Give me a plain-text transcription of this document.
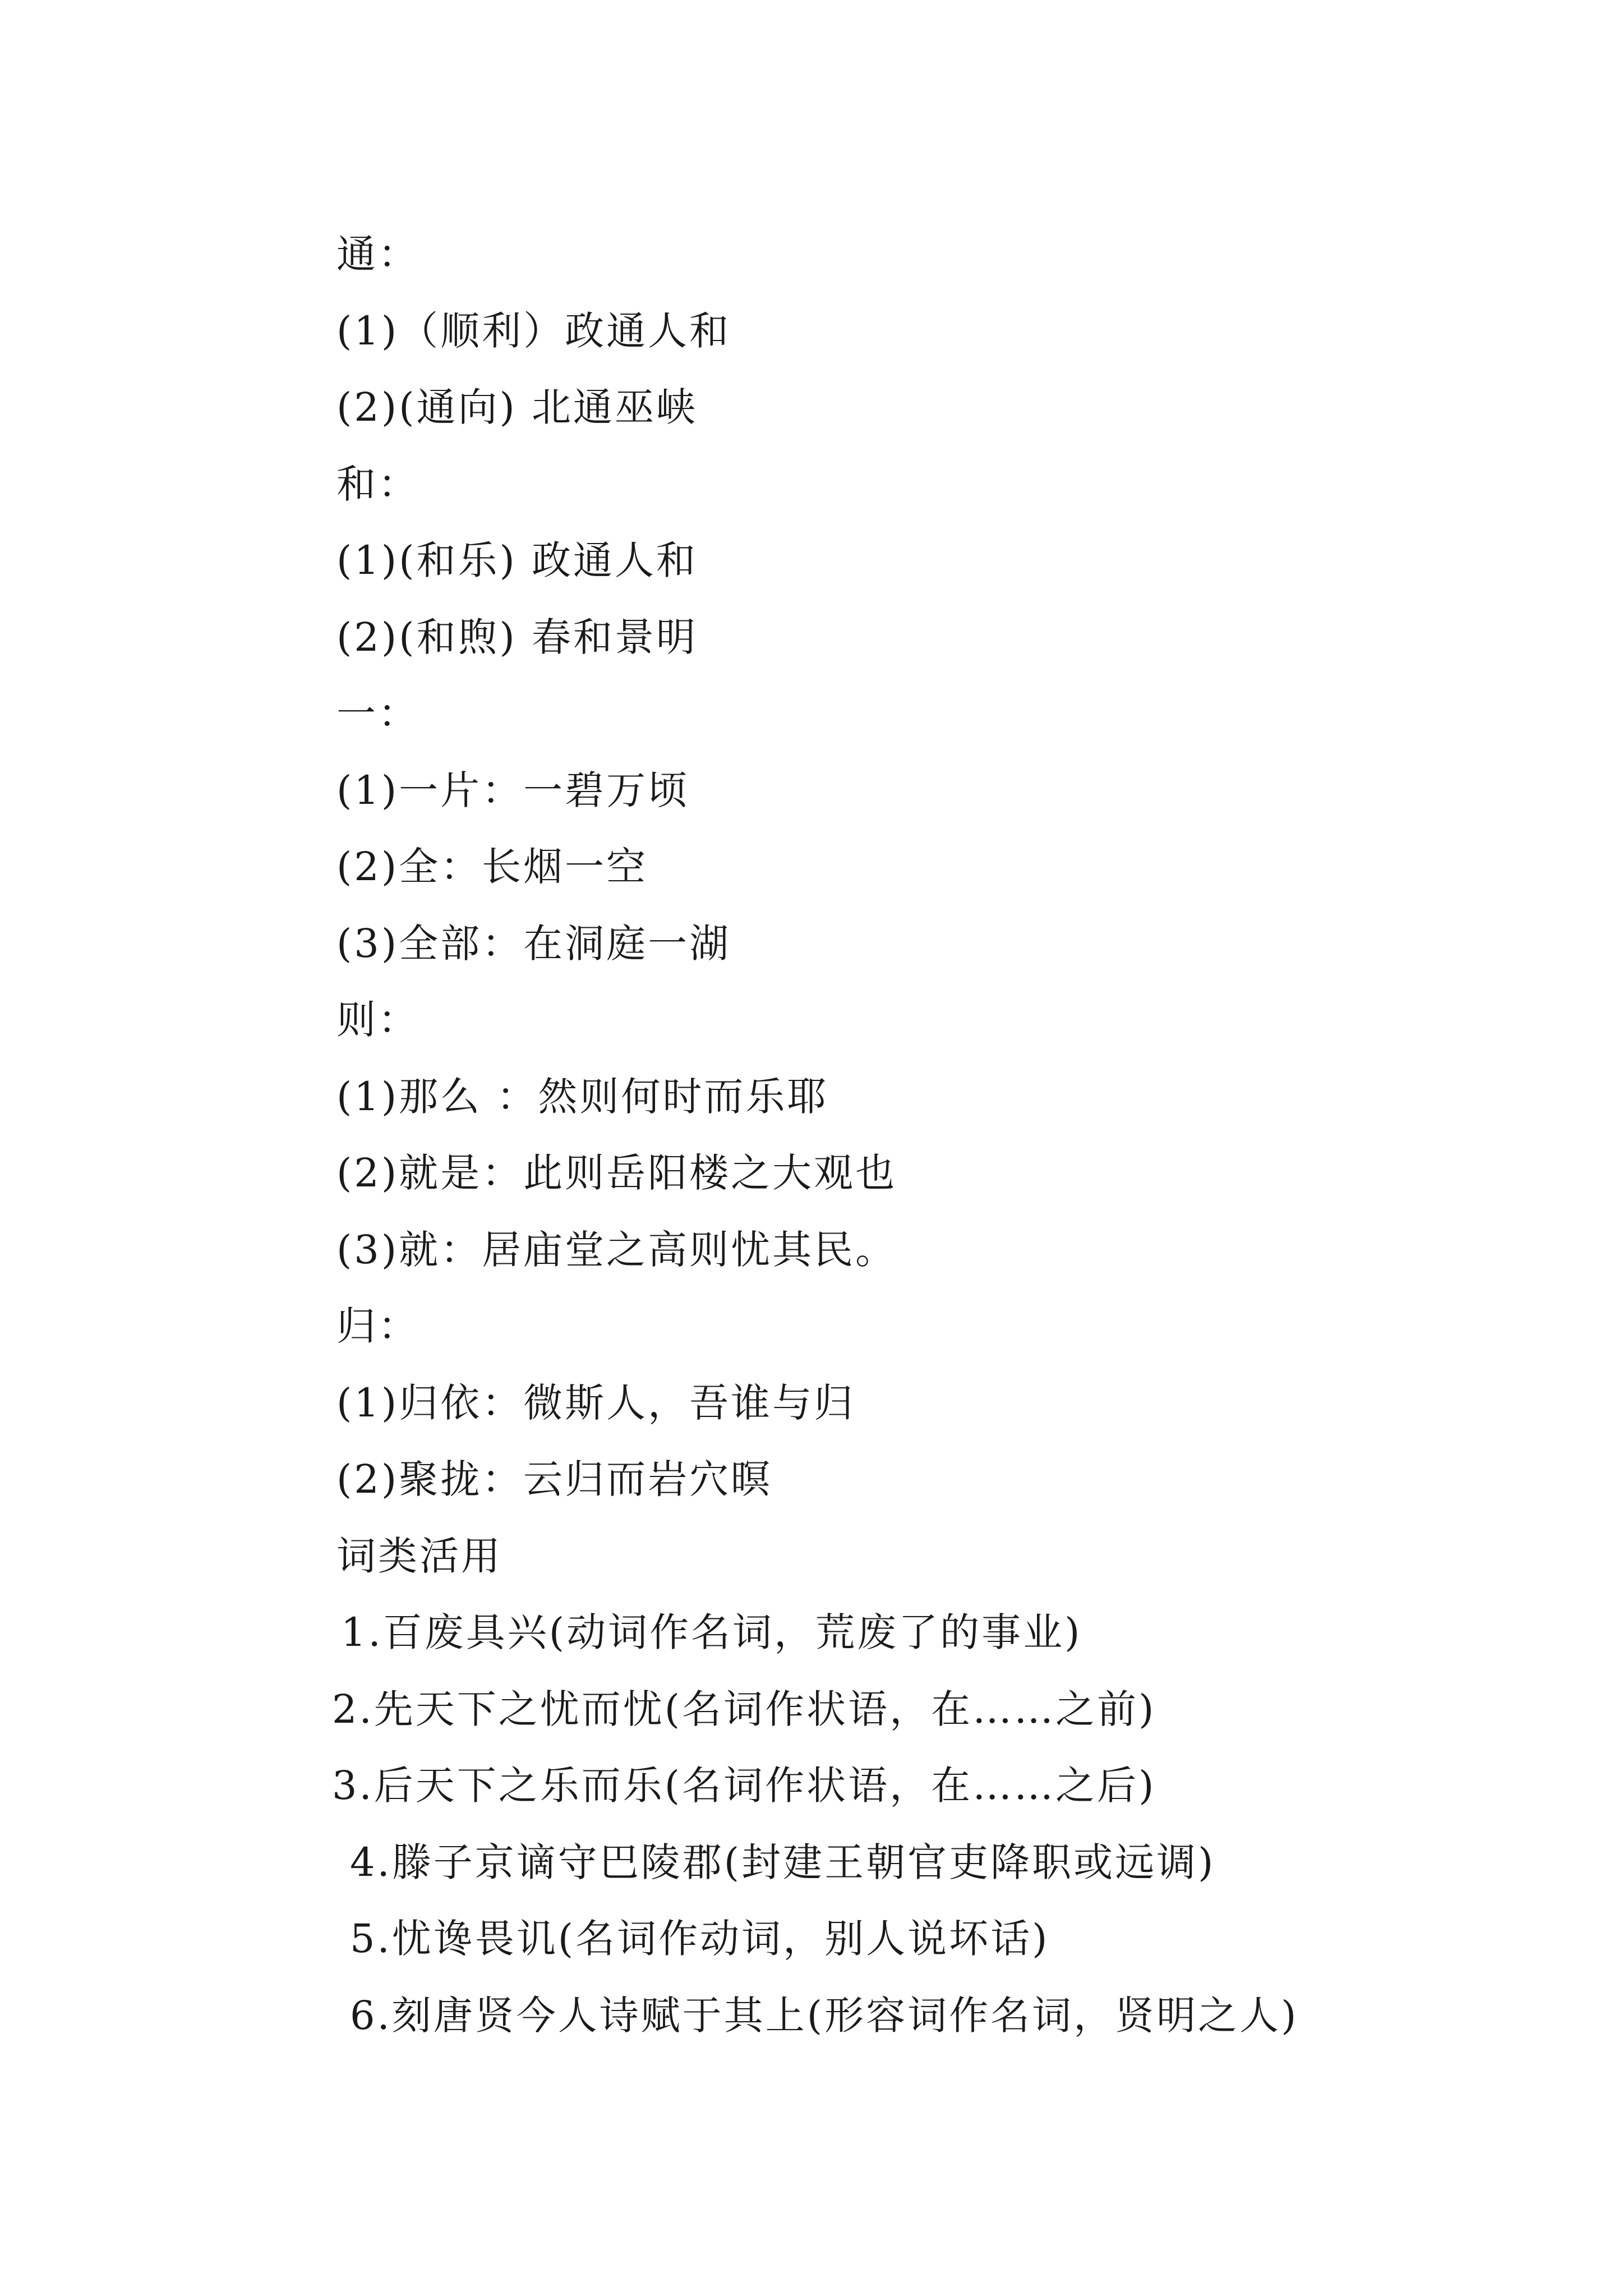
通：
(1)（顺利）政通人和
(2)(通向) 北通巫峡
和：
(1)(和乐) 政通人和
(2)(和煦) 春和景明
一：
(1)一片：一碧万顷
(2)全：长烟一空
(3)全部：在洞庭一湖
则：
(1)那么 ：然则何时而乐耶
(2)就是：此则岳阳楼之大观也
(3)就：居庙堂之高则忧其民。
归：
(1)归依：微斯人，吾谁与归
(2)聚拢：云归而岩穴暝
词类活用
1.百废具兴(动词作名词，荒废了的事业)
2.先天下之忧而忧(名词作状语，在……之前)
3.后天下之乐而乐(名词作状语，在……之后)
4.滕子京谪守巴陵郡(封建王朝官吏降职或远调)
5.忧谗畏讥(名词作动词，别人说坏话)
6.刻唐贤今人诗赋于其上(形容词作名词，贤明之人)
